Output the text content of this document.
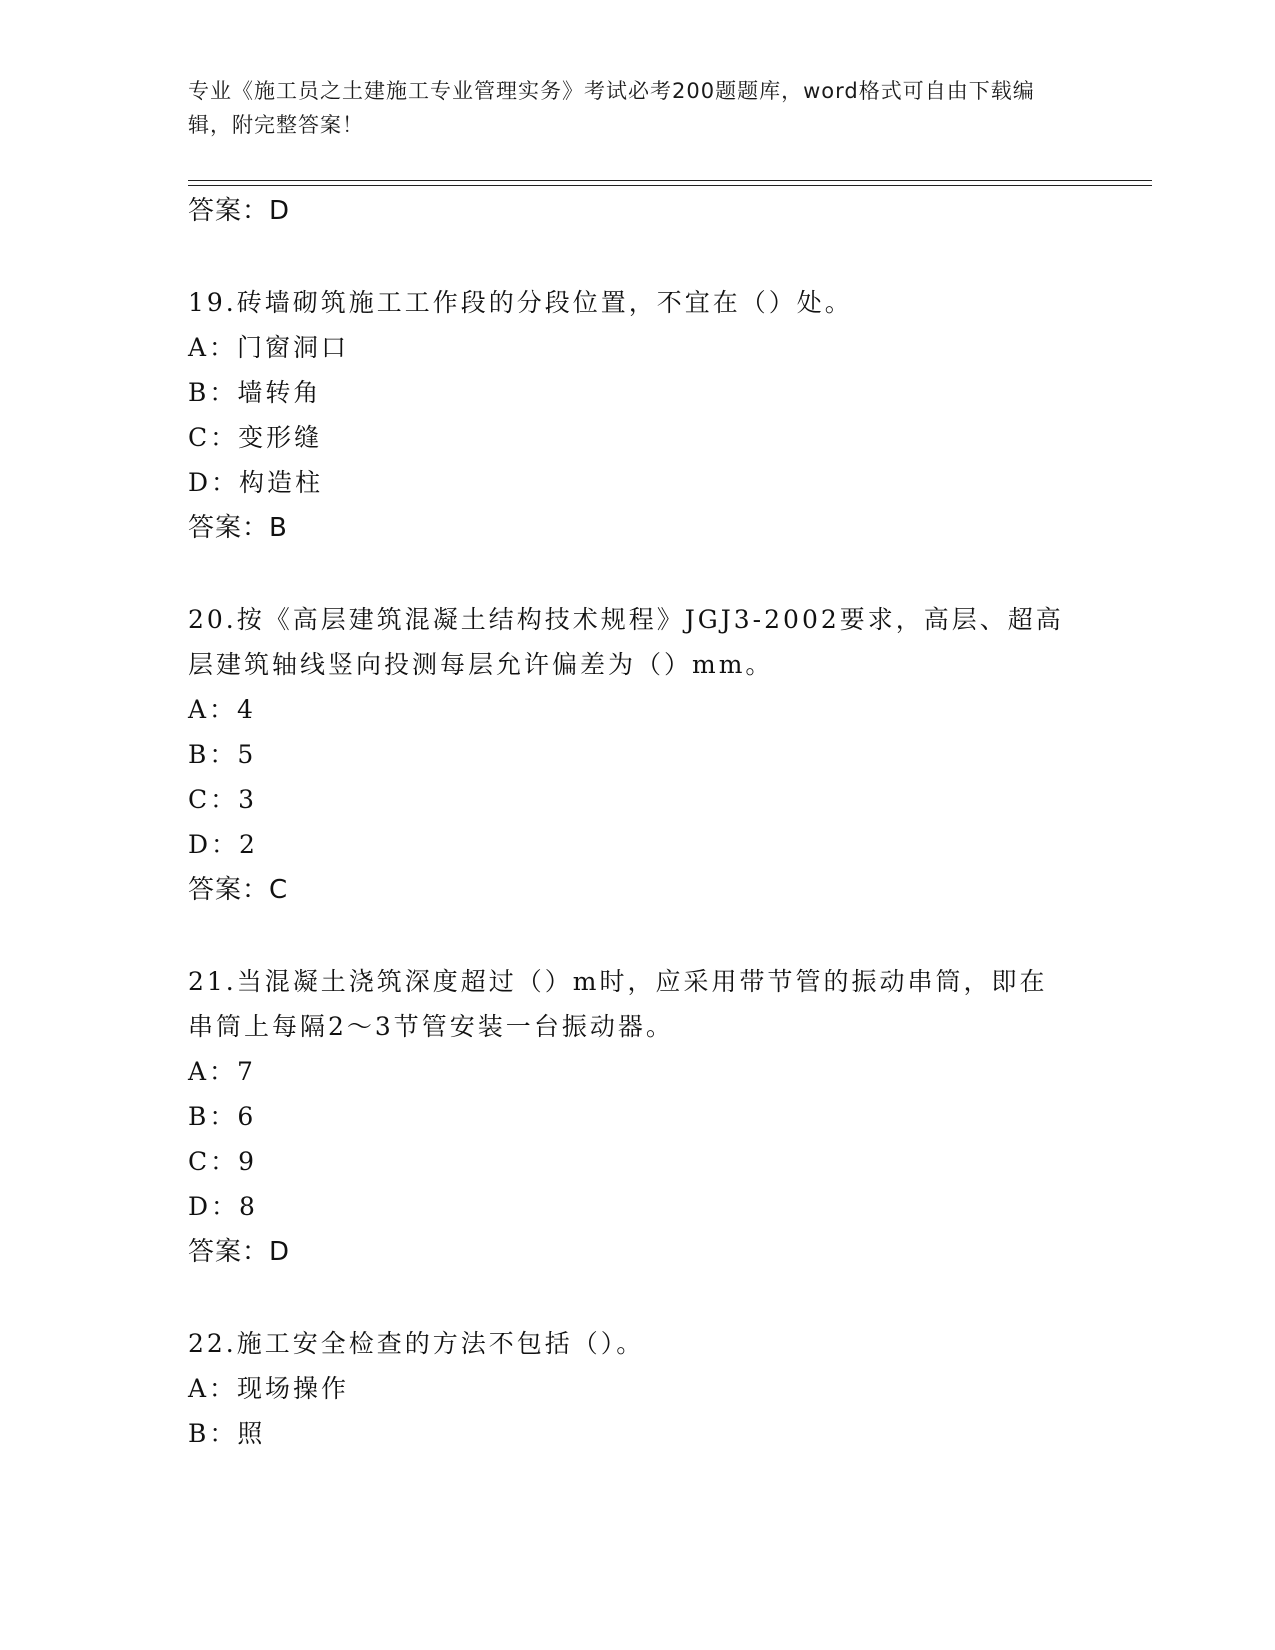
专业《施工员之土建施工专业管理实务》考试必考200题题库，word格式可自由下载编辑，附完整答案！
答案：D
19.砖墙砌筑施工工作段的分段位置，不宜在（）处。
A：门窗洞口
B：墙转角
C：变形缝
D：构造柱
答案：B
20.按《高层建筑混凝土结构技术规程》JGJ3-2002要求，高层、超高层建筑轴线竖向投测每层允许偏差为（）mm。
A：4
B：5
C：3
D：2
答案：C
21.当混凝土浇筑深度超过（）m时，应采用带节管的振动串筒，即在串筒上每隔2～3节管安装一台振动器。
A：7
B：6
C：9
D：8
答案：D
22.施工安全检查的方法不包括（）。
A：现场操作
B：照
